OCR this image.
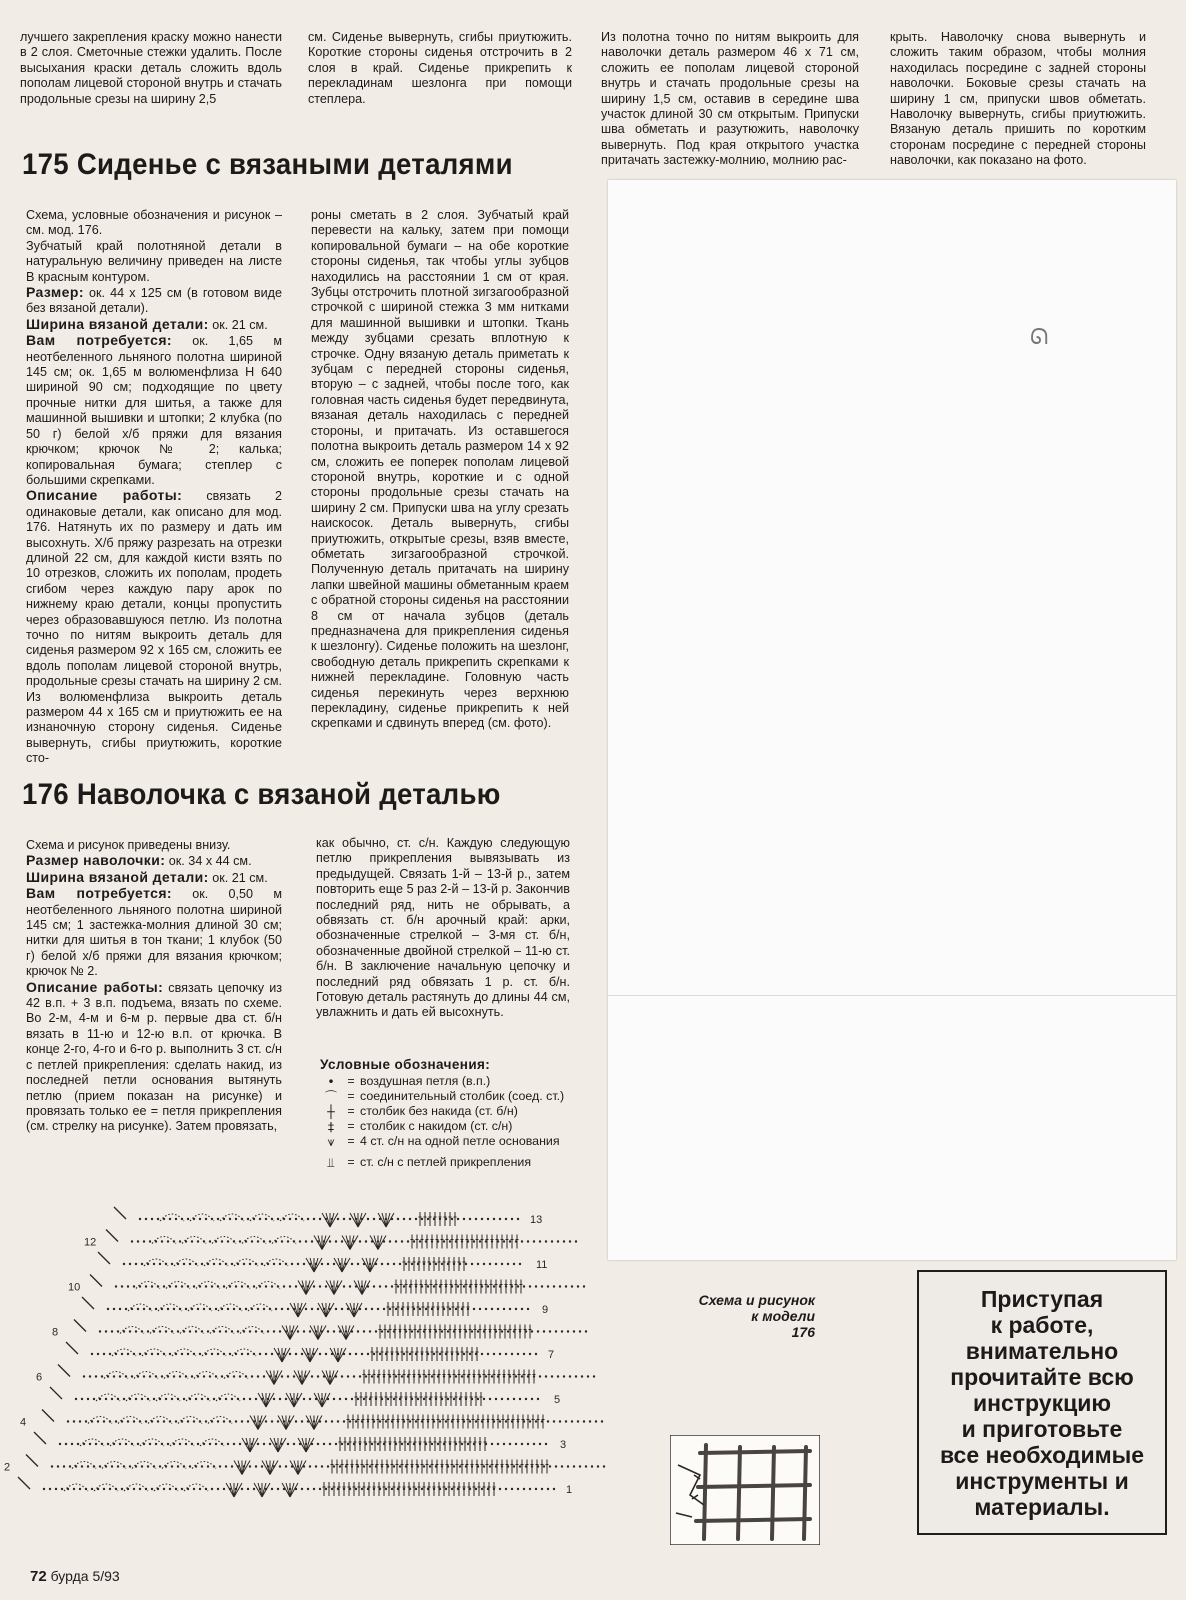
лучшего закрепления краску можно нанести в 2 слоя. Сметочные стежки удалить. После высыхания краски деталь сложить вдоль пополам лицевой стороной внутрь и стачать продольные срезы на ширину 2,5

см. Сиденье вывернуть, сгибы приутюжить. Короткие стороны сиденья отстрочить в 2 слоя в край. Сиденье прикрепить к перекладинам шезлонга при помощи степлера.

Из полотна точно по нитям выкроить для наволочки деталь размером 46 x 71 см, сложить ее пополам лицевой стороной внутрь и стачать продольные срезы на ширину 1,5 см, оставив в середине шва участок длиной 30 см открытым. Припуски шва обметать и разутюжить, наволочку вывернуть. Под края открытого участка притачать застежку-молнию, молнию рас-

крыть. Наволочку снова вывернуть и сложить таким образом, чтобы молния находилась посредине с задней стороны наволочки. Боковые срезы стачать на ширину 1 см, припуски швов обметать. Наволочку вывернуть, сгибы приутюжить. Вязаную деталь пришить по коротким сторонам посредине с передней стороны наволочки, как показано на фото.

175 Сиденье с вязаными деталями

Схема, условные обозначения и рисунок – см. мод. 176.

Зубчатый край полотняной детали в натуральную величину приведен на листе В красным контуром.

Размер: ок. 44 x 125 см (в готовом виде без вязаной детали).

Ширина вязаной детали: ок. 21 см.

Вам потребуется: ок. 1,65 м неотбеленного льняного полотна шириной 145 см; ок. 1,65 м волюменфлиза Н 640 шириной 90 см; подходящие по цвету прочные нитки для шитья, а также для машинной вышивки и штопки; 2 клубка (по 50 г) белой х/б пряжи для вязания крючком; крючок № 2; калька; копировальная бумага; степлер с большими скрепками.

Описание работы: связать 2 одинаковые детали, как описано для мод. 176. Натянуть их по размеру и дать им высохнуть. Х/б пряжу разрезать на отрезки длиной 22 см, для каждой кисти взять по 10 отрезков, сложить их пополам, продеть сгибом через каждую пару арок по нижнему краю детали, концы пропустить через образовавшуюся петлю. Из полотна точно по нитям выкроить деталь для сиденья размером 92 x 165 см, сложить ее вдоль пополам лицевой стороной внутрь, продольные срезы стачать на ширину 2 см. Из волюменфлиза выкроить деталь размером 44 x 165 см и приутюжить ее на изнаночную сторону сиденья. Сиденье вывернуть, сгибы приутюжить, короткие сто-

роны сметать в 2 слоя. Зубчатый край перевести на кальку, затем при помощи копировальной бумаги – на обе короткие стороны сиденья, так чтобы углы зубцов находились на расстоянии 1 см от края. Зубцы отстрочить плотной зигзагообразной строчкой с шириной стежка 3 мм нитками для машинной вышивки и штопки. Ткань между зубцами срезать вплотную к строчке. Одну вязаную деталь приметать к зубцам с передней стороны сиденья, вторую – с задней, чтобы после того, как головная часть сиденья будет передвинута, вязаная деталь находилась с передней стороны, и притачать. Из оставшегося полотна выкроить деталь размером 14 x 92 см, сложить ее поперек пополам лицевой стороной внутрь, короткие и с одной стороны продольные срезы стачать на ширину 2 см. Припуски шва на углу срезать наискосок. Деталь вывернуть, сгибы приутюжить, открытые срезы, взяв вместе, обметать зигзагообразной строчкой. Полученную деталь притачать на ширину лапки швейной машины обметанным краем с обратной стороны сиденья на расстоянии 8 см от начала зубцов (деталь предназначена для прикрепления сиденья к шезлонгу). Сиденье положить на шезлонг, свободную деталь прикрепить скрепками к нижней перекладине. Головную часть сиденья перекинуть через верхнюю перекладину, сиденье прикрепить к ней скрепками и сдвинуть вперед (см. фото).

176 Наволочка с вязаной деталью

Схема и рисунок приведены внизу.

Размер наволочки: ок. 34 x 44 см.

Ширина вязаной детали: ок. 21 см.

Вам потребуется: ок. 0,50 м неотбеленного льняного полотна шириной 145 см; 1 застежка-молния длиной 30 см; нитки для шитья в тон ткани; 1 клубок (50 г) белой х/б пряжи для вязания крючком; крючок № 2.

Описание работы: связать цепочку из 42 в.п. + 3 в.п. подъема, вязать по схеме. Во 2-м, 4-м и 6-м р. первые два ст. б/н вязать в 11-ю и 12-ю в.п. от крючка. В конце 2-го, 4-го и 6-го р. выполнить 3 ст. с/н с петлей прикрепления: сделать накид, из последней петли основания вытянуть петлю (прием показан на рисунке) и провязать только ее = петля прикрепления (см. стрелку на рисунке). Затем провязать,

как обычно, ст. с/н. Каждую следующую петлю прикрепления вывязывать из предыдущей. Связать 1-й – 13-й р., затем повторить еще 5 раз 2-й – 13-й р. Закончив последний ряд, нить не обрывать, а обвязать ст. б/н арочный край: арки, обозначенные стрелкой – 3-мя ст. б/н, обозначенные двойной стрелкой – 11-ю ст. б/н. В заключение начальную цепочку и последний ряд обвязать 1 р. ст. б/н. Готовую деталь растянуть до длины 44 см, увлажнить и дать ей высохнуть.

Условные обозначения:
•	= воздушная петля (в.п.)
⌒ = соединительный столбик (соед. ст.)
┼	= столбик без накида (ст. б/н)
‡	= столбик с накидом (ст. с/н)
⩛	= 4 ст. с/н на одной петле основания
⫫	= ст. с/н с петлей прикрепления
ᘏ
13
12
11
10
9
8
7
6
5
4
3
2
1
Схема и рисунок
к модели
176
Приступая
к работе,
внимательно
прочитайте всю
инструкцию
и приготовьте
все необходимые
инструменты и
материалы.
72 бурда 5/93
